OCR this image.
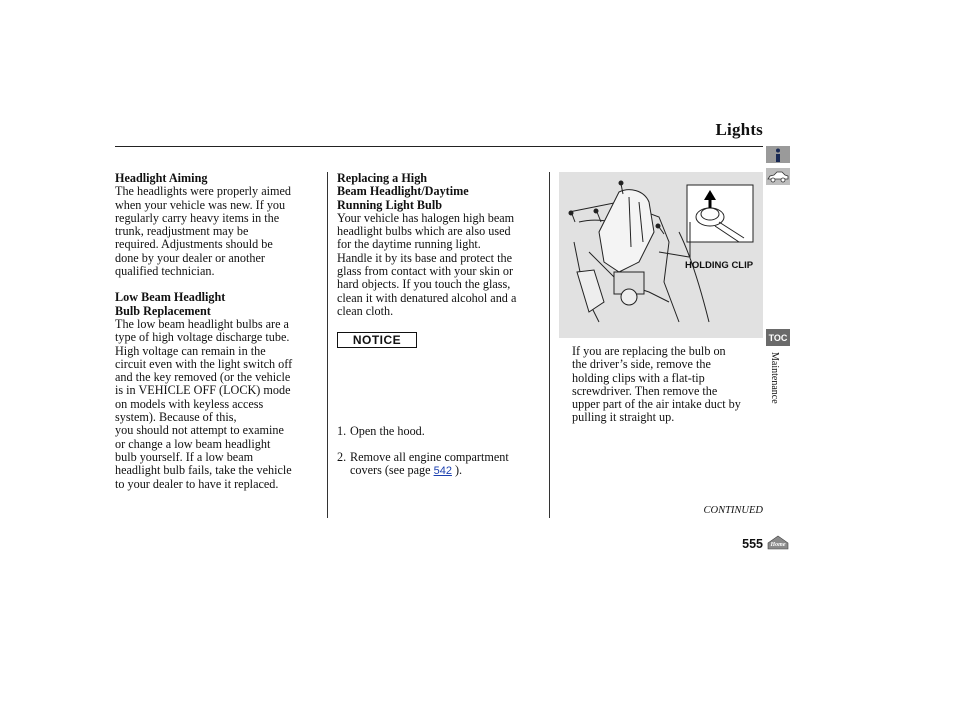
Lights

Headlight Aiming

The headlights were properly aimed

when your vehicle was new. If you

regularly carry heavy items in the

trunk, readjustment may be

required. Adjustments should be

done by your dealer or another

qualified technician.

Low Beam Headlight

Bulb Replacement

The low beam headlight bulbs are a

type of high voltage discharge tube.

High voltage can remain in the

circuit even with the light switch off

and the key removed (or the vehicle

is in VEHICLE OFF (LOCK) mode

on models with keyless access

system). Because of this,

you should not attempt to examine

or change a low beam headlight

bulb yourself. If a low beam

headlight bulb fails, take the vehicle

to your dealer to have it replaced.

Replacing a High

Beam Headlight/Daytime

Running Light Bulb

Your vehicle has halogen high beam

headlight bulbs which are also used

for the daytime running light.

Handle it by its base and protect the

glass from contact with your skin or

hard objects. If you touch the glass,

clean it with denatured alcohol and a

clean cloth.

NOTICE
1. Open the hood.
2. Remove all engine compartment
covers (see page 542 ).
HOLDING CLIP

If you are replacing the bulb on

the driver’s side, remove the

holding clips with a flat-tip

screwdriver. Then remove the

upper part of the air intake duct by

pulling it straight up.

CONTINUED
555
TOC
Maintenance
Home
